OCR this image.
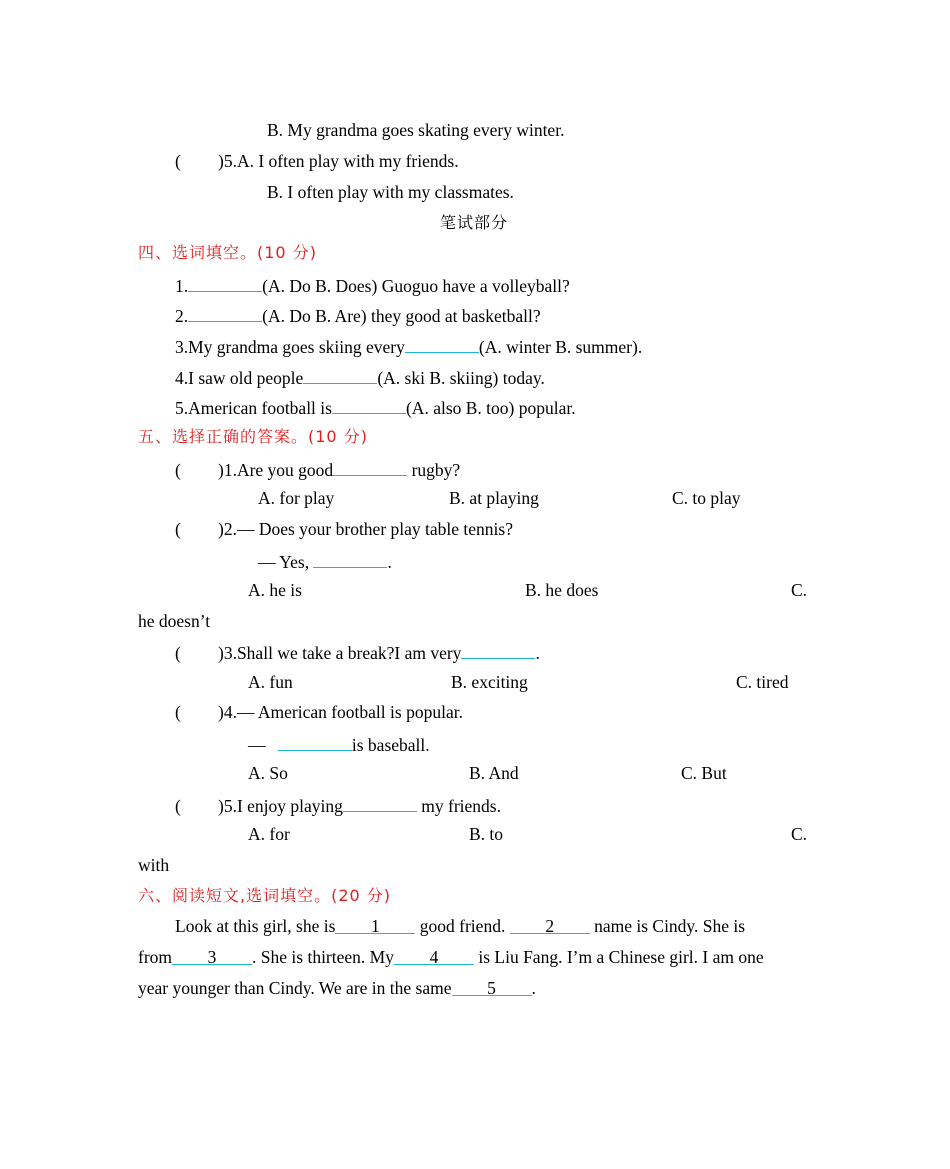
B. My grandma goes skating every winter.
( )5.A. I often play with my friends.
B. I often play with my classmates.
笔试部分
四、选词填空。(10 分)
1.	(A. Do B. Does) Guoguo have a volleyball?
2.	(A. Do B. Are) they good at basketball?
3.My grandma goes skiing every	(A. winter B. summer).
4.I saw old people	(A. ski B. skiing) today.
5.American football is	(A. also B. too) popular.
五、选择正确的答案。(10 分)
( )1.Are you good	rugby?
A. for play	B. at playing	C. to play
( )2.— Does your brother play table tennis?
— Yes,	.
A. he is	B. he does	C.
he doesn’t
( )3.Shall we take a break?I am very	.
A. fun	B. exciting	C. tired
( )4.— American football is popular.
—	is baseball.
A. So	B. And	C. But
( )5.I enjoy playing	my friends.
A. for	B. to	C.
with
六、阅读短文,选词填空。(20 分)
Look at this girl, she is 1 good friend. 2 name is Cindy. She is
from 3 . She is thirteen. My 4 is Liu Fang. I’m a Chinese girl. I am one
year younger than Cindy. We are in the same 5 .
